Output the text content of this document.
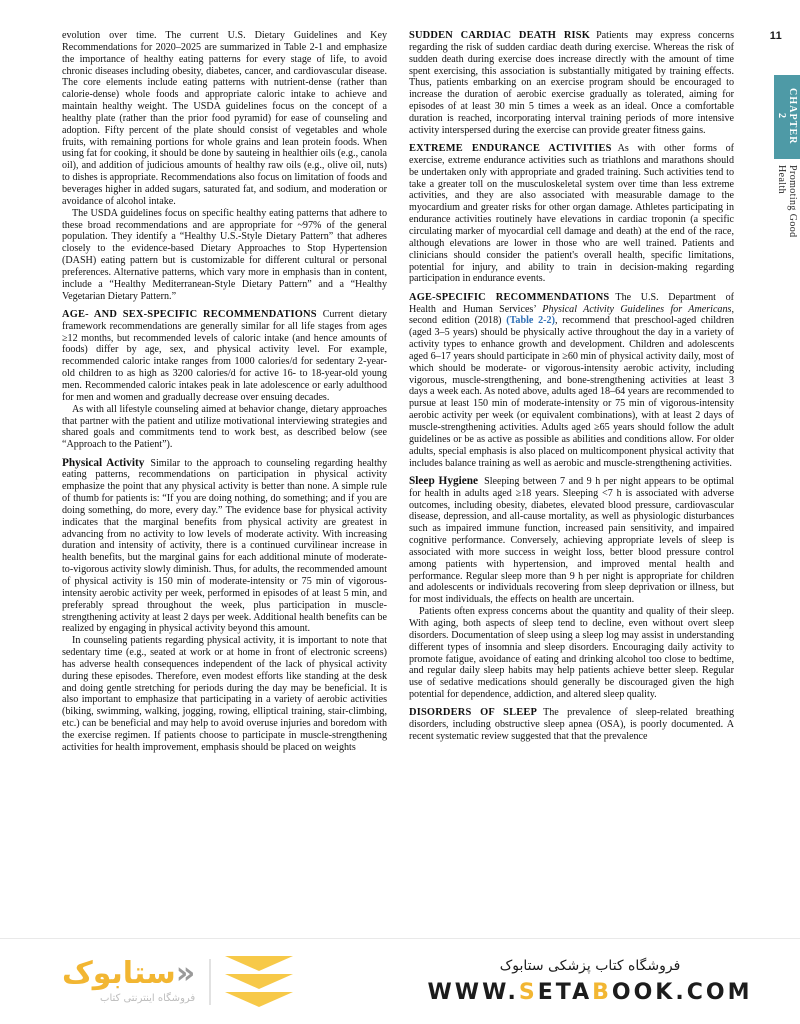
11
CHAPTER 2
Promoting Good Health

evolution over time. The current U.S. Dietary Guidelines and Key Recommendations for 2020–2025 are summarized in Table 2-1 and emphasize the importance of healthy eating patterns for every stage of life, to avoid chronic diseases including obesity, diabetes, cancer, and cardiovascular disease. The core elements include eating patterns with nutrient-dense (rather than calorie-dense) whole foods and appropriate caloric intake to achieve and maintain healthy weight. The USDA guidelines focus on the concept of a healthy plate (rather than the prior food pyramid) for ease of counseling and adoption. Fifty percent of the plate should consist of vegetables and whole fruits, with remaining portions for whole grains and lean protein foods. When using fat for cooking, it should be done by sauteing in healthier oils (e.g., canola oil), and addition of judicious amounts of healthy raw oils (e.g., olive oil, nuts) to dishes is appropriate. Recommendations also focus on limitation of foods and beverages higher in added sugars, saturated fat, and sodium, and moderation or avoidance of alcohol intake.

The USDA guidelines focus on specific healthy eating patterns that adhere to these broad recommendations and are appropriate for ~97% of the general population. They identify a “Healthy U.S.-Style Dietary Pattern” that adheres closely to the evidence-based Dietary Approaches to Stop Hypertension (DASH) eating pattern but is customizable for different cultural or personal preferences. Alternative patterns, which vary more in emphasis than in content, include a “Healthy Mediterranean-Style Dietary Pattern” and a “Healthy Vegetarian Dietary Pattern.”

AGE- AND SEX-SPECIFIC RECOMMENDATIONS Current dietary framework recommendations are generally similar for all life stages from ages ≥12 months, but recommended levels of caloric intake (and hence amounts of foods) differ by age, sex, and physical activity level. For example, recommended caloric intake ranges from 1000 calories/d for sedentary 2-year-old children to as high as 3200 calories/d for active 16- to 18-year-old young men. Recommended caloric intakes peak in late adolescence or early adulthood for men and women and gradually decrease over ensuing decades.

As with all lifestyle counseling aimed at behavior change, dietary approaches that partner with the patient and utilize motivational interviewing strategies and shared goals and commitments tend to work best, as described below (see “Approach to the Patient”).

Physical Activity Similar to the approach to counseling regarding healthy eating patterns, recommendations on participation in physical activity emphasize the point that any physical activity is better than none. A simple rule of thumb for patients is: “If you are doing nothing, do something; and if you are doing something, do more, every day.” The evidence base for physical activity indicates that the marginal benefits from physical activity are greatest in advancing from no activity to low levels of moderate activity. With increasing duration and intensity of activity, there is a continued curvilinear increase in health benefits, but the marginal gains for each additional minute of moderate-to-vigorous activity slowly diminish. Thus, for adults, the recommended amount of physical activity is 150 min of moderate-intensity or 75 min of vigorous-intensity aerobic activity per week, performed in episodes of at least 5 min, and preferably spread throughout the week, plus participation in muscle-strengthening activity at least 2 days per week. Additional health benefits can be realized by engaging in physical activity beyond this amount.

In counseling patients regarding physical activity, it is important to note that sedentary time (e.g., seated at work or at home in front of electronic screens) has adverse health consequences independent of the lack of physical activity during these episodes. Therefore, even modest efforts like standing at the desk and doing gentle stretching for periods during the day may be beneficial. It is also important to emphasize that participating in a variety of aerobic activities (biking, swimming, walking, jogging, rowing, elliptical training, stair-climbing, etc.) can be beneficial and may help to avoid overuse injuries and boredom with the exercise regimen. If patients choose to participate in muscle-strengthening activities for health improvement, emphasis should be placed on weights

SUDDEN CARDIAC DEATH RISK Patients may express concerns regarding the risk of sudden cardiac death during exercise. Whereas the risk of sudden death during exercise does increase directly with the amount of time spent exercising, this association is substantially mitigated by training effects. Thus, patients embarking on an exercise program should be encouraged to increase the duration of aerobic exercise gradually as tolerated, aiming for episodes of at least 30 min 5 times a week as an ideal. Once a comfortable duration is reached, incorporating interval training periods of more intensive activity interspersed during the exercise can provide greater fitness gains.

EXTREME ENDURANCE ACTIVITIES As with other forms of exercise, extreme endurance activities such as triathlons and marathons should be undertaken only with appropriate and graded training. Such activities tend to take a greater toll on the musculoskeletal system over time than less extreme activities, and they are also associated with measurable damage to the myocardium and greater risks for other organ damage. Athletes participating in endurance activities routinely have elevations in cardiac troponin (a specific circulating marker of myocardial cell damage and death) at the end of the race, although elevations are lower in those who are well trained. Patients and clinicians should consider the patient's overall health, specific limitations, potential for injury, and ability to train in decision-making regarding participation in endurance events.

AGE-SPECIFIC RECOMMENDATIONS The U.S. Department of Health and Human Services’ Physical Activity Guidelines for Americans, second edition (2018) (Table 2-2), recommend that preschool-aged children (aged 3–5 years) should be physically active throughout the day in a variety of activity types to enhance growth and development. Children and adolescents aged 6–17 years should participate in ≥60 min of physical activity daily, most of which should be moderate- or vigorous-intensity aerobic activity, including vigorous, muscle-strengthening, and bone-strengthening activities at least 3 days a week each. As noted above, adults aged 18–64 years are recommended to pursue at least 150 min of moderate-intensity or 75 min of vigorous-intensity aerobic activity per week (or equivalent combinations), with at least 2 days of muscle-strengthening activities. Adults aged ≥65 years should follow the adult guidelines or be as active as possible as abilities and conditions allow. For older adults, special emphasis is also placed on multicomponent physical activity that includes balance training as well as aerobic and muscle-strengthening activities.

Sleep Hygiene Sleeping between 7 and 9 h per night appears to be optimal for health in adults aged ≥18 years. Sleeping <7 h is associated with adverse outcomes, including obesity, diabetes, elevated blood pressure, cardiovascular disease, depression, and all-cause mortality, as well as physiologic disturbances such as impaired immune function, increased pain sensitivity, and impaired cognitive performance. Conversely, achieving appropriate levels of sleep is associated with more success in weight loss, better blood pressure control among patients with hypertension, and improved mental health and performance. Regular sleep more than 9 h per night is appropriate for children and adolescents or individuals recovering from sleep deprivation or illness, but for most individuals, the effects on health are uncertain.

Patients often express concerns about the quantity and quality of their sleep. With aging, both aspects of sleep tend to decline, even without overt sleep disorders. Documentation of sleep using a sleep log may assist in understanding different types of insomnia and sleep disorders. Encouraging daily activity to promote fatigue, avoidance of eating and drinking alcohol too close to bedtime, and regular daily sleep habits may help patients achieve better sleep. Regular use of sedative medications should generally be discouraged given the high potential for dependence, addiction, and altered sleep quality.

DISORDERS OF SLEEP The prevalence of sleep-related breathing disorders, including obstructive sleep apnea (OSA), is poorly documented. A recent systematic review suggested that that the prevalence

«ستابوک
فروشگاه اینترنتی کتاب
فروشگاه کتاب پزشکی ستابوک
WWW.SETABOOK.COM
